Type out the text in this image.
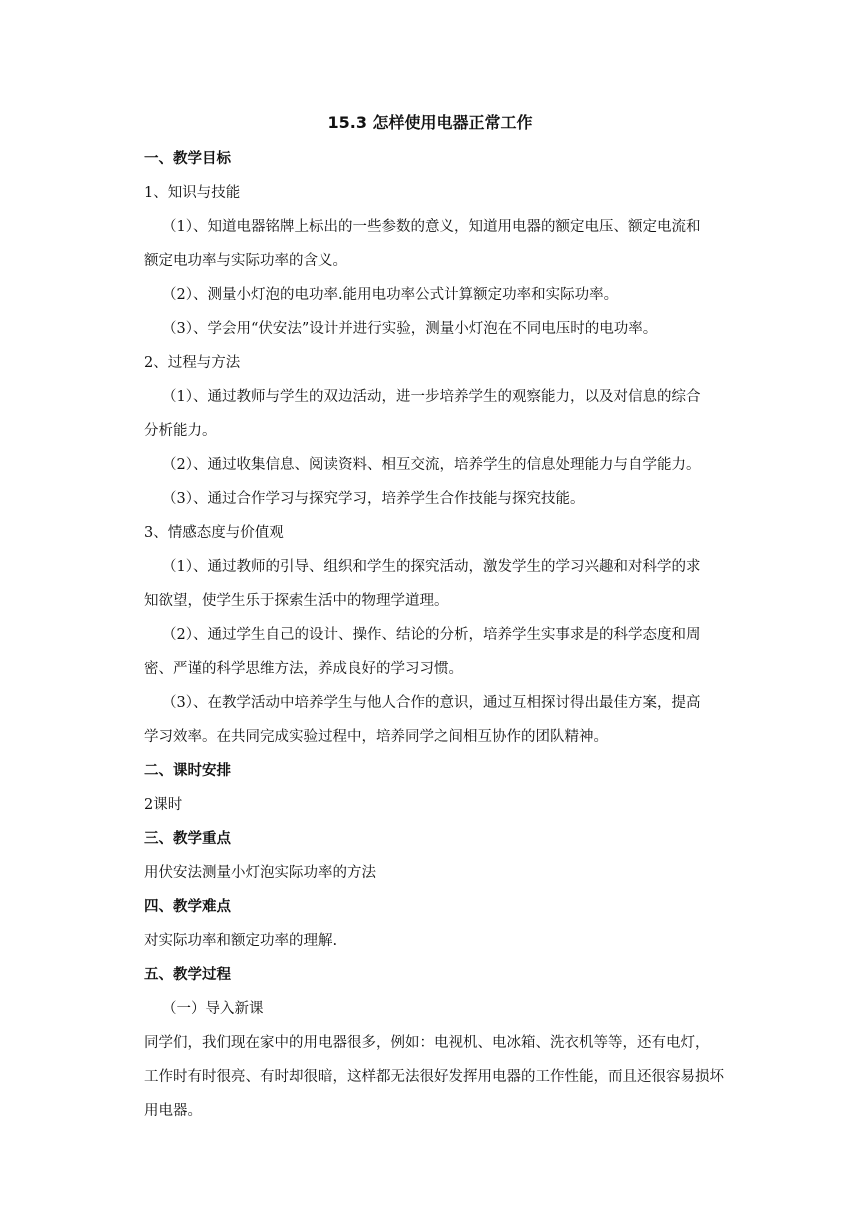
15.3 怎样使用电器正常工作
一、教学目标
1、知识与技能
（1）、知道电器铭牌上标出的一些参数的意义，知道用电器的额定电压、额定电流和
额定电功率与实际功率的含义。
（2）、测量小灯泡的电功率.能用电功率公式计算额定功率和实际功率。
（3）、学会用“伏安法”设计并进行实验，测量小灯泡在不同电压时的电功率。
2、过程与方法
（1）、通过教师与学生的双边活动，进一步培养学生的观察能力，以及对信息的综合
分析能力。
（2）、通过收集信息、阅读资料、相互交流，培养学生的信息处理能力与自学能力。
（3）、通过合作学习与探究学习，培养学生合作技能与探究技能。
3、情感态度与价值观
（1）、通过教师的引导、组织和学生的探究活动，激发学生的学习兴趣和对科学的求
知欲望，使学生乐于探索生活中的物理学道理。
（2）、通过学生自己的设计、操作、结论的分析，培养学生实事求是的科学态度和周
密、严谨的科学思维方法，养成良好的学习习惯。
（3）、在教学活动中培养学生与他人合作的意识，通过互相探讨得出最佳方案，提高
学习效率。在共同完成实验过程中，培养同学之间相互协作的团队精神。
二、课时安排
2课时
三、教学重点
用伏安法测量小灯泡实际功率的方法
四、教学难点
对实际功率和额定功率的理解.
五、教学过程
（一）导入新课
同学们，我们现在家中的用电器很多，例如：电视机、电冰箱、洗衣机等等，还有电灯，
工作时有时很亮、有时却很暗，这样都无法很好发挥用电器的工作性能，而且还很容易损坏
用电器。
